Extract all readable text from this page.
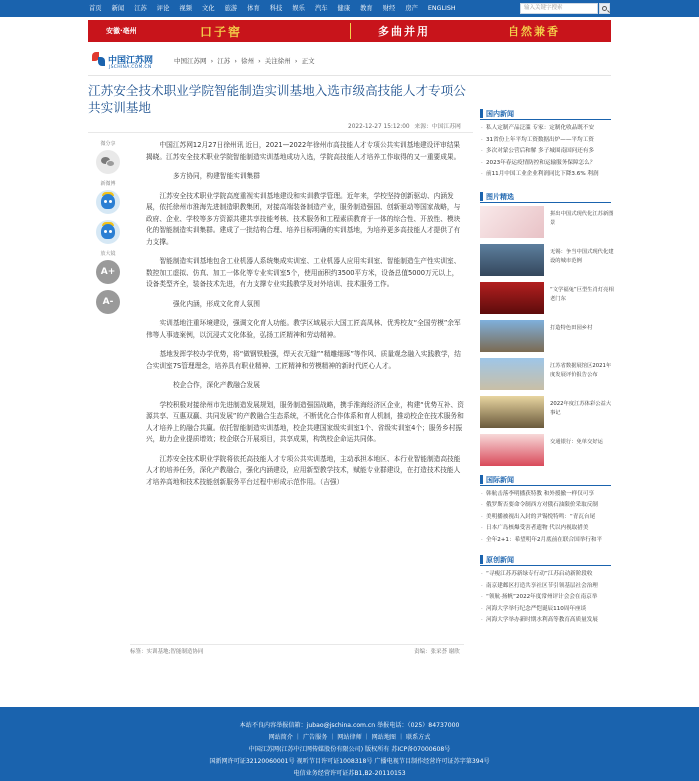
首页 新闻 江苏 评论 视频 文化 旅游 体育 科技 娱乐 汽车 健康 教育 财经 房产 ENGLISH	输入关键字搜索
安徽·亳州	口子窖	多曲并用	自然兼香	股票代码 603589
中国江苏网
JSCHINA.COM.CN
中国江苏网 › 江苏 › 徐州 › 关注徐州 › 正文
江苏安全技术职业学院智能制造实训基地入选市级高技能人才专项公共实训基地
2022-12-27 15:12:00 来源：中国江苏网
微分享
新微博
放大镜
A+
A-

中国江苏网12月27日徐州讯 近日，2021—2022年徐州市高技能人才专项公共实训基地建设评审结果揭晓。江苏安全技术职业学院智能制造实训基地成功入选，学院高技能人才培养工作取得的又一重要成果。

多方协同，构建智能实训集群

江苏安全技术职业学院高度重视实训基地建设和实训教学管理。近年来，学校坚持创新驱动、内涵发展，依托徐州市淮海先进制造职教集团，对接高端装备制造产业，服务制造强国、创新驱动等国家战略，与政府、企业、学校等多方资源共建共享技能考核、技术服务和工程素质教育于一体的综合性、开放性、模块化的智能制造实训集群。建成了一批结构合理、培养目标明确的实训基地，为培养更多高技能人才提供了有力支撑。

智能制造实训基地包含工业机器人系统集成实训室、工业机器人应用实训室、智能制造生产性实训室、数控加工虚拟、仿真、加工一体化等专业实训室5个，使用面积约3500平方米，设备总值5000万元以上，设备类型齐全，装备技术先进，有力支撑专业实践教学及对外培训、技术服务工作。

强化内涵，形成文化育人氛围

实训基地注重环境建设，强调文化育人功能。教学区域展示大国工匠高凤林、优秀校友“全国劳模”余军伟等人事迹案例，以沉浸式文化体验，弘扬工匠精神和劳动精神。

基地发挥学校办学优势，将“做钢铁般强，焊天衣无缝”“精雕细琢”等作风、质量观念融入实践教学，结合实训室7S管理理念，培养具有职业精神、工匠精神和劳模精神的新时代匠心人才。

校企合作，深化产教融合发展

学校积极对接徐州市先进制造发展规划，服务制造强国战略，携手淮海经济区企业，构建“优势互补、资源共享、互惠双赢、共同发展”的产教融合生态系统，不断优化合作体系和育人机制，推动校企在技术服务和人才培养上的融合共赢。依托智能制造实训基地，校企共建国家级实训室1个、省级实训室4个；服务乡村振兴，助力企业提质增效；校企联合开展项目，共享成果，构筑校企命运共同体。

江苏安全技术职业学院将依托高技能人才专项公共实训基地，主动承担本地区、本行业智能制造高技能人才的培养任务，深化产教融合，强化内涵建设，应用新型教学技术，赋能专业群建设，在打造技术技能人才培养高地和技术技能创新服务平台过程中形成示范作用。（吉强）

标签：实训基地;智能制造协同	责编：张采荟 谢欣
国内新闻
· 私人定制产品泛滥 专家：定制化收品既不安
· 31省份上年平均工资数据出炉——平均工资
· 多次对蒙公营后和解 多子城围南国问还有多
· 2023年春运疫情防控和运输服务保障怎么？
· 前11月中国工业企业利润同比下降3.6% 利润
图片精选
拼出中国式现代化江苏新图景
无锡：争当中国式现代化建设的城市范例
“文学福兔”巨型生肖灯亮相老门东
打造特色田园乡村
江苏省数据展馆区2021年度发展评价报告公布
2022年度江苏体彩公益大事记
交通银行：免单交好运
国际新闻
· 韩航击落李明播获特教 和外援撤一样仅可享
· 俄罗斯否要命令制西方对俄石油限价采取反制
· 美明播被视出入封的尹锡悦特鸣：“青瓦台尾
· 日本广岛核爆受害者遗物 代以内视取措美
· 全年2+1：希望明年2月底前在联合国举行和平
原创新闻
· “寻瘦江苏苏新绿专行动”江苏启动新阶段收
· 南京建邺区打造共享社区节引领基层社会治理
· “领航·扬帆”2022年度常州评计会会在南京举
· 河海大学举行纪念严恺诞辰110周年座谈
· 河海大学举办新时期水利高等教育高质量发展
本站不良内容举报信箱：jubao@jschina.com.cn 举报电话：（025）84737000
网站简介 ｜ 广告服务 ｜ 网站律师 ｜ 网站地图 ｜ 联系方式
中国江苏网(江苏中江网传媒股份有限公司) 版权所有 苏ICP备07000608号
国新网许可证32120060001号 视听节目许可证1008318号 广播电视节目制作经营许可证苏字第394号
电信业务经营许可证苏B1,B2-20110153
